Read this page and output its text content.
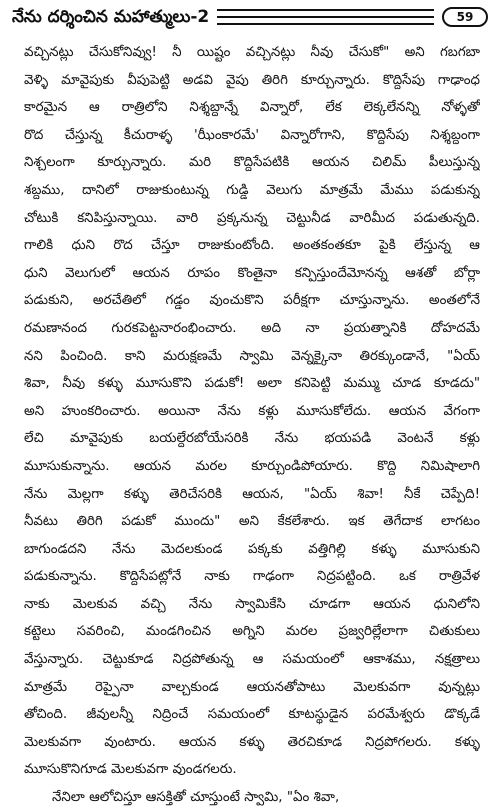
నేను దర్శించిన మహాత్ములు-2	59
వచ్చినట్లు చేసుకోనివ్వు! నీ యిష్టం వచ్చినట్లు నీవు చేసుకో" అని గబగబా
వెళ్ళి మావైపుకు వీపుపెట్టి అడవి వైపు తిరిగి కూర్చున్నారు. కొద్దిసేపు గాఢాంధ
కారమైన ఆ రాత్రిలోని నిశ్శబ్దాన్నే విన్నారో, లేక లెక్కలేనన్ని నోళ్ళతో
రొద చేస్తున్న కీచురాళ్ళ 'ఝీంకారమే' విన్నారోగాని, కొద్దిసేపు నిశ్శబ్దంగా
నిశ్చలంగా కూర్చున్నారు. మరి కొద్దిసేపటికి ఆయన చిలిమ్ పీలుస్తున్న
శబ్దము, దానిలో రాజుకుంటున్న గుడ్డి వెలుగు మాత్రమే మేము పడుకున్న
చోటుకి కనిపిస్తున్నాయి. వారి ప్రక్కనున్న చెట్టునీడ వారిమీద పడుతున్నది.
గాలికి ధుని రొద చేస్తూ రాజుకుంటోంది. అంతకంతకూ పైకి లేస్తున్న ఆ
ధుని వెలుగులో ఆయన రూపం కొంతైనా కన్పిస్తుందేమోనన్న ఆశతో బోర్లా
పడుకుని, అరచేతిలో గడ్డం వుంచుకొని పరీక్షగా చూస్తున్నాను. అంతలోనే
రమణానంద గురకపెట్టనారంభించారు. అది నా ప్రయత్నానికి దోహదమే
నని పించింది. కాని మరుక్షణమే స్వామి వెన్నక్కైనా తిరక్కుండానే, "ఏయ్
శివా, నీవు కళ్ళు మూసుకొని పడుకో! అలా కనిపెట్టి మమ్ము చూడ కూడదు"
అని హుంకరించారు. అయినా నేను కళ్లు మూసుకోలేదు. ఆయన వేగంగా
లేచి మావైపుకు బయల్దేరబోయేసరికి నేను భయపడి వెంటనే కళ్లు
మూసుకున్నాను. ఆయన మరల కూర్చుండిపోయారు. కొద్ది నిమిషాలాగి
నేను మెల్లగా కళ్ళు తెరిచేసరికి ఆయన, "ఏయ్ శివా! నీకే చెప్పేది!
నీవటు తిరిగి పడుకో ముందు" అని కేకలేశారు. ఇక తెగేదాక లాగటం
బాగుండదని నేను మెదలకుండ పక్కకు వత్తిగిల్లి కళ్ళు మూసుకుని
పడుకున్నాను. కొద్దిసేపట్లోనే నాకు గాఢంగా నిద్రపట్టింది. ఒక రాత్రివేళ
నాకు మెలకువ వచ్చి నేను స్వామికేసి చూడగా ఆయన ధునిలోని
కట్టెలు సవరించి, మండగించిన అగ్నిని మరల ప్రజ్వరిల్లేలాగా చితుకులు
వేస్తున్నారు. చెట్టుకూడ నిద్రపోతున్న ఆ సమయంలో ఆకాశము, నక్షత్రాలు
మాత్రమే రెప్పైనా వాల్చకుండ ఆయనతోపాటు మెలకువగా వున్నట్లు
తోచింది. జీవులన్నీ నిద్రించే సమయంలో కూటస్థుడైన పరమేశ్వరు డొక్కడే
మెలకువగా వుంటారు. ఆయన కళ్ళు తెరచికూడ నిద్రపోగలరు. కళ్ళు
మూసుకొనిగూడ మెలకువగా వుండగలరు.
నేనిలా ఆలోచిస్తూ ఆసక్తితో చూస్తుంటే స్వామి, "ఏం శివా,
